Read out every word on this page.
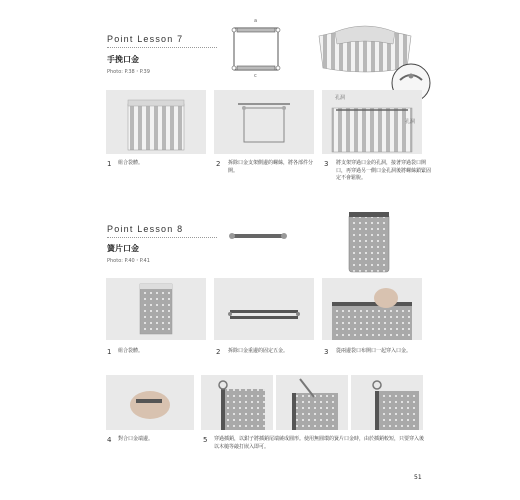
Point Lesson 7
手挽口金
Photo: P.38・P.39
a
c
孔洞
孔洞
1 組合袋體。	2 拆除口金支架側邊的螺絲，將各部件分開。
3 將支架穿過口金的孔洞，接著穿過袋口開口，再穿過另一側口金孔洞後將螺絲鎖緊固定不會鬆脫。
Point Lesson 8
簧片口金
Photo: P.40・P.41
1 組合袋體。	2 拆除口金重邊的固定五金。	3 從兩邊袋口布開口一起穿入口金。
4 對合口金端邊。	5 穿過插銷，以鉗子將插銷尾端繞成圓形。使用無圓環的簧片口金時，由於插銷較短，只要穿入後以木槌等敲打嵌入即可。
51
